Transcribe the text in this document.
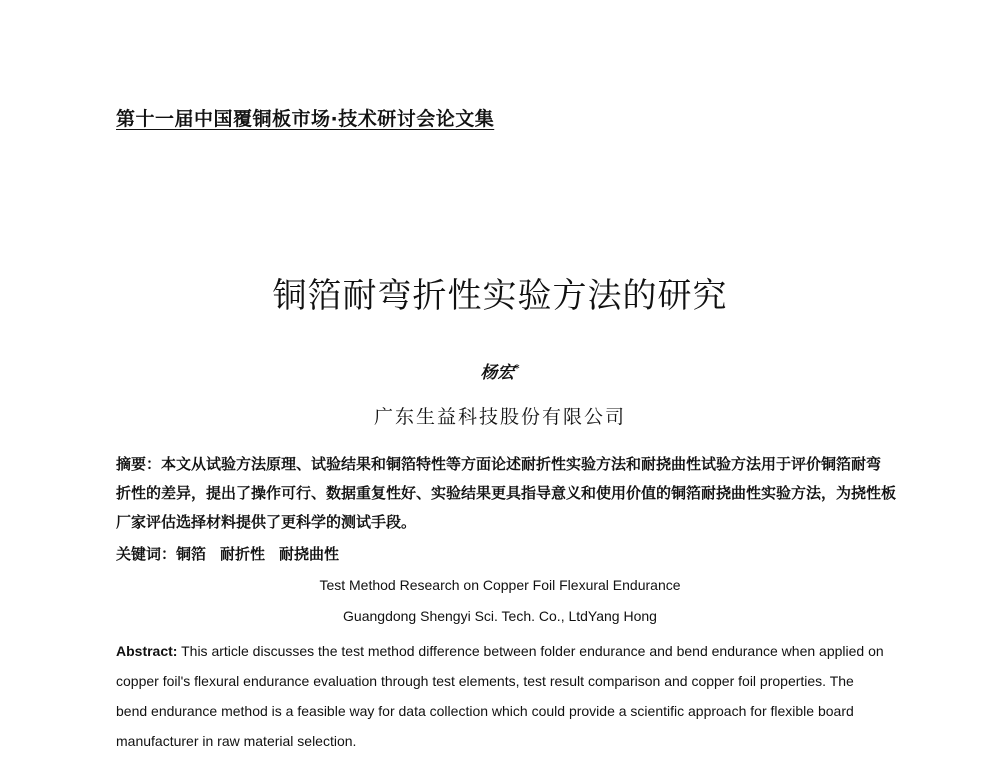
第十一届中国覆铜板市场·技术研讨会论文集
铜箔耐弯折性实验方法的研究
杨宏*
广东生益科技股份有限公司
摘要：本文从试验方法原理、试验结果和铜箔特性等方面论述耐折性实验方法和耐挠曲性试验方法用于评价铜箔耐弯折性的差异，提出了操作可行、数据重复性好、实验结果更具指导意义和使用价值的铜箔耐挠曲性实验方法，为挠性板厂家评估选择材料提供了更科学的测试手段。
关键词：铜箔 耐折性 耐挠曲性
Test Method Research on Copper Foil Flexural Endurance
Guangdong Shengyi Sci. Tech. Co., LtdYang Hong
Abstract: This article discusses the test method difference between folder endurance and bend endurance when applied on copper foil's flexural endurance evaluation through test elements, test result comparison and copper foil properties. The bend endurance method is a feasible way for data collection which could provide a scientific approach for flexible board manufacturer in raw material selection.
